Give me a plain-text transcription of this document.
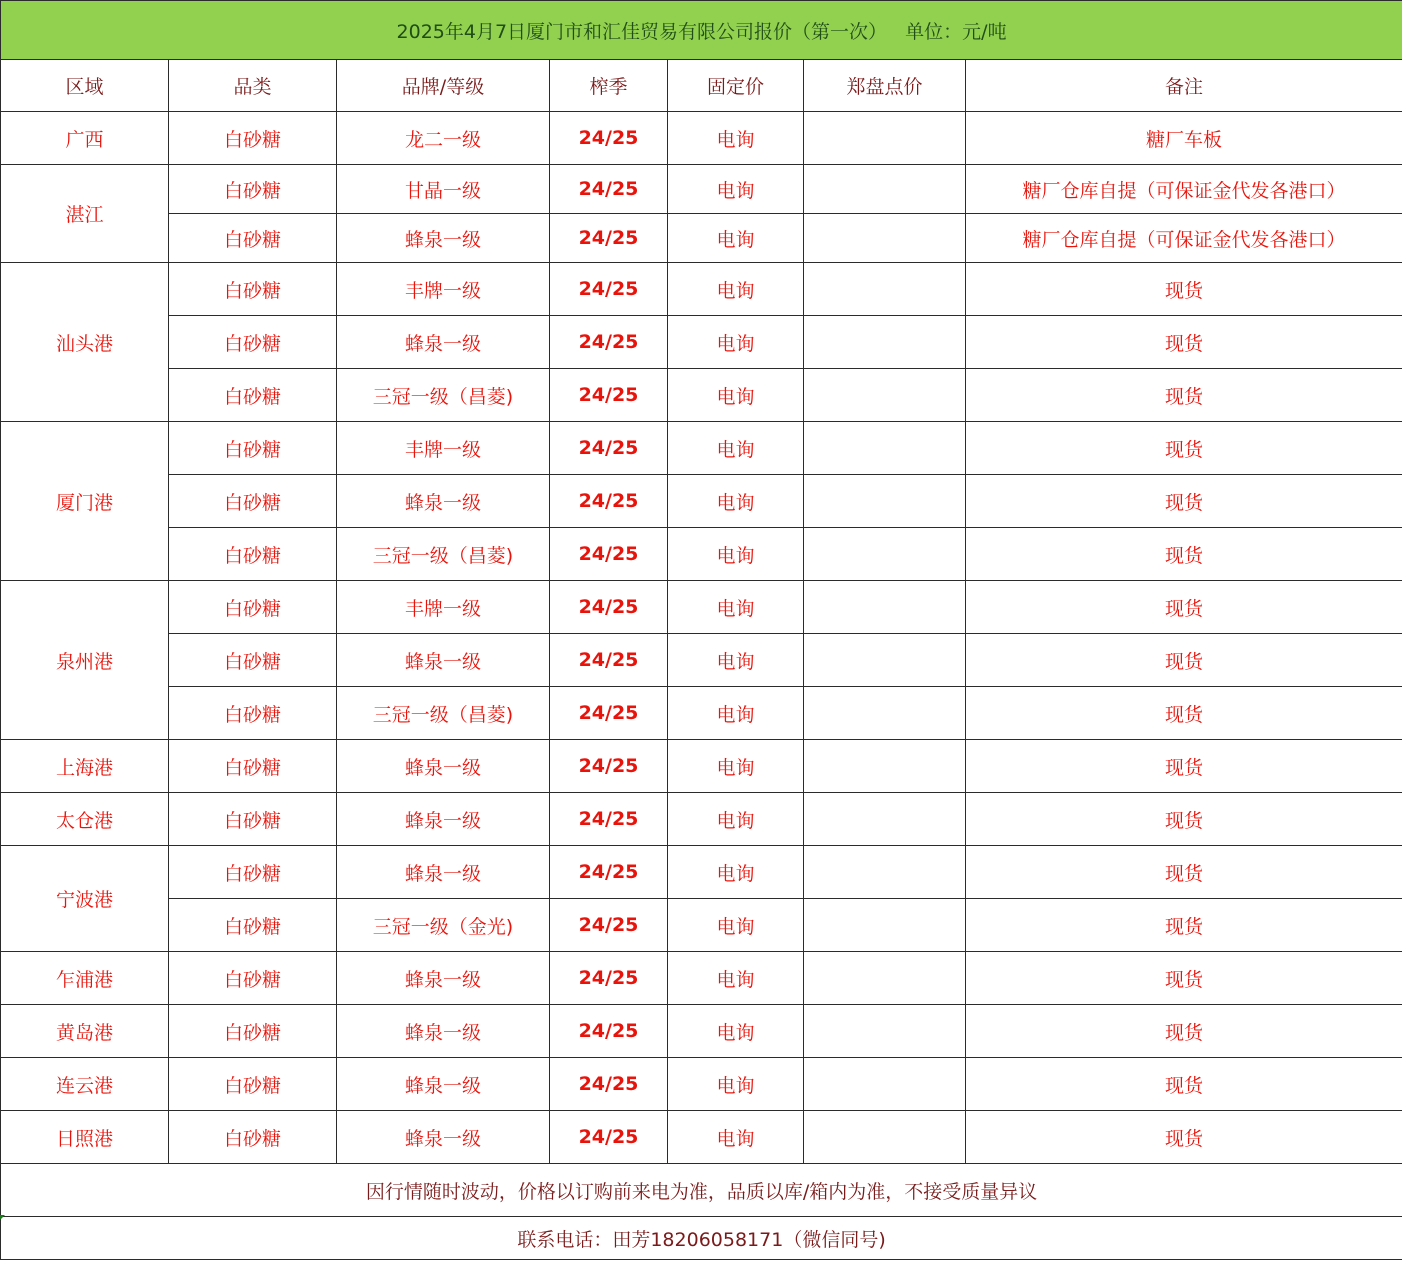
2025年4月7日厦门市和汇佳贸易有限公司报价（第一次）   单位：元/吨						
区域	品类	品牌/等级	榨季	固定价	郑盘点价	备注
广西	白砂糖	龙二一级	24/25	电询		糖厂车板
湛江	白砂糖	甘晶一级	24/25	电询		糖厂仓库自提（可保证金代发各港口）
	白砂糖	蜂泉一级	24/25	电询		糖厂仓库自提（可保证金代发各港口）
汕头港	白砂糖	丰牌一级	24/25	电询		现货
	白砂糖	蜂泉一级	24/25	电询		现货
	白砂糖	三冠一级（昌菱)	24/25	电询		现货
厦门港	白砂糖	丰牌一级	24/25	电询		现货
	白砂糖	蜂泉一级	24/25	电询		现货
	白砂糖	三冠一级（昌菱)	24/25	电询		现货
泉州港	白砂糖	丰牌一级	24/25	电询		现货
	白砂糖	蜂泉一级	24/25	电询		现货
	白砂糖	三冠一级（昌菱)	24/25	电询		现货
上海港	白砂糖	蜂泉一级	24/25	电询		现货
太仓港	白砂糖	蜂泉一级	24/25	电询		现货
宁波港	白砂糖	蜂泉一级	24/25	电询		现货
	白砂糖	三冠一级（金光)	24/25	电询		现货
乍浦港	白砂糖	蜂泉一级	24/25	电询		现货
黄岛港	白砂糖	蜂泉一级	24/25	电询		现货
连云港	白砂糖	蜂泉一级	24/25	电询		现货
日照港	白砂糖	蜂泉一级	24/25	电询		现货
因行情随时波动，价格以订购前来电为准，品质以库/箱内为准，不接受质量异议						
联系电话：田芳18206058171（微信同号)						
